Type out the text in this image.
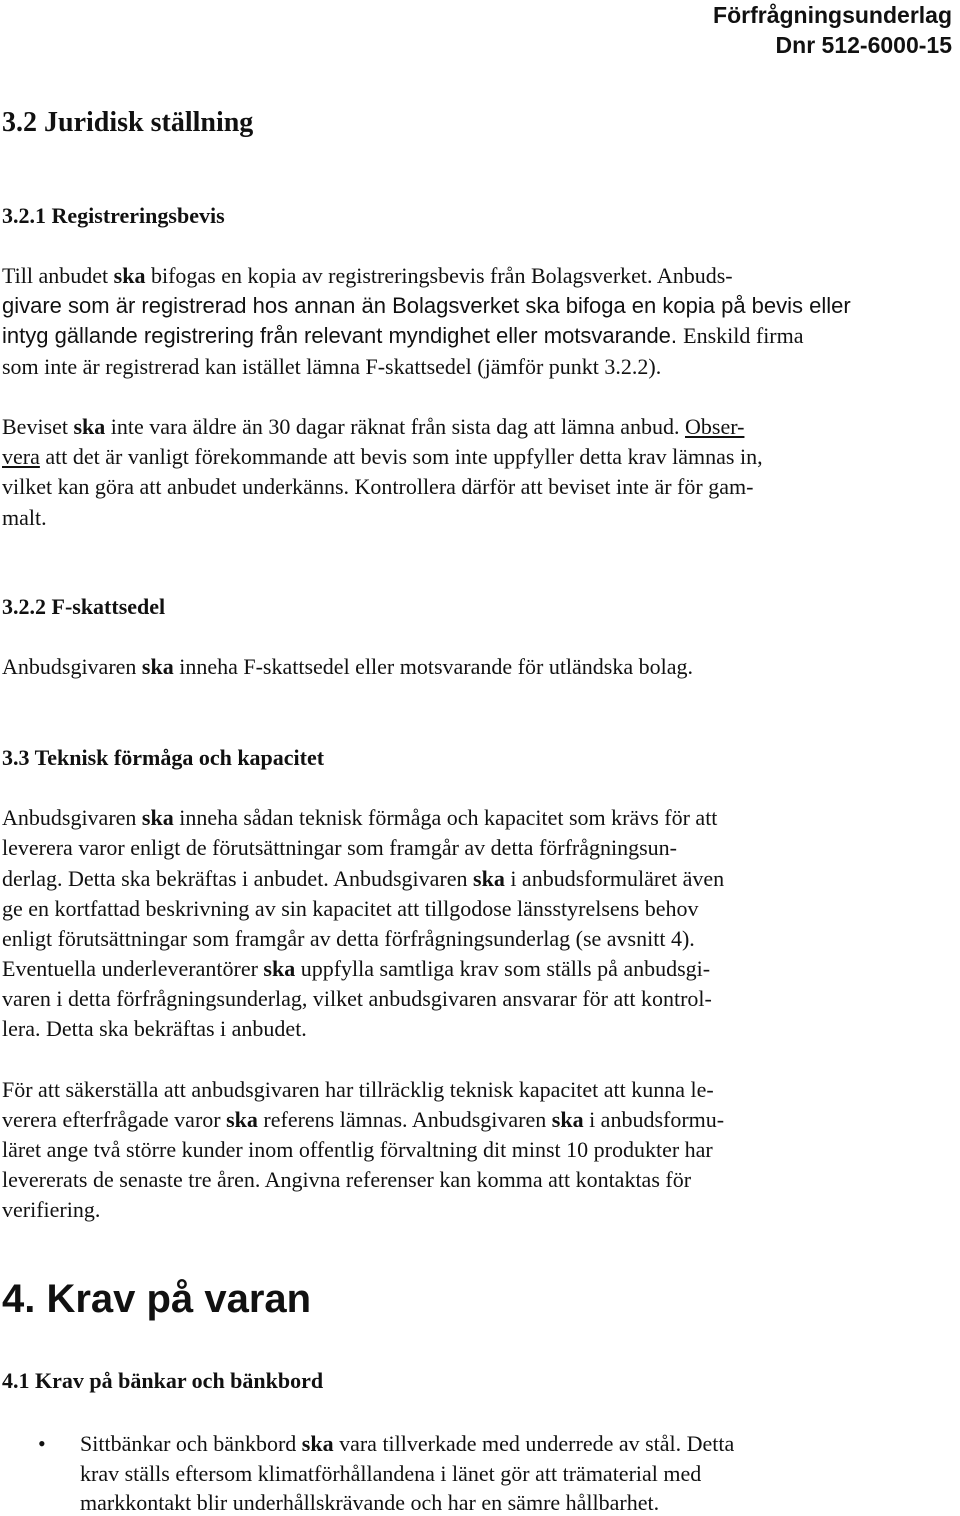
Förfrågningsunderlag
Dnr 512-6000-15
3.2 Juridisk ställning
3.2.1 Registreringsbevis
Till anbudet ska bifogas en kopia av registreringsbevis från Bolagsverket. Anbuds-
givare som är registrerad hos annan än Bolagsverket ska bifoga en kopia på bevis eller
intyg gällande registrering från relevant myndighet eller motsvarande. Enskild firma
som inte är registrerad kan istället lämna F-skattsedel (jämför punkt 3.2.2).
Beviset ska inte vara äldre än 30 dagar räknat från sista dag att lämna anbud. Obser-
vera att det är vanligt förekommande att bevis som inte uppfyller detta krav lämnas in,
vilket kan göra att anbudet underkänns. Kontrollera därför att beviset inte är för gam-
malt.
3.2.2 F-skattsedel
Anbudsgivaren ska inneha F-skattsedel eller motsvarande för utländska bolag.
3.3 Teknisk förmåga och kapacitet
Anbudsgivaren ska inneha sådan teknisk förmåga och kapacitet som krävs för att
leverera varor enligt de förutsättningar som framgår av detta förfrågningsun-
derlag. Detta ska bekräftas i anbudet. Anbudsgivaren ska i anbudsformuläret även
ge en kortfattad beskrivning av sin kapacitet att tillgodose länsstyrelsens behov
enligt förutsättningar som framgår av detta förfrågningsunderlag (se avsnitt 4).
Eventuella underleverantörer ska uppfylla samtliga krav som ställs på anbudsgi-
varen i detta förfrågningsunderlag, vilket anbudsgivaren ansvarar för att kontrol-
lera. Detta ska bekräftas i anbudet.
För att säkerställa att anbudsgivaren har tillräcklig teknisk kapacitet att kunna le-
verera efterfrågade varor ska referens lämnas. Anbudsgivaren ska i anbudsformu-
läret ange två större kunder inom offentlig förvaltning dit minst 10 produkter har
levererats de senaste tre åren. Angivna referenser kan komma att kontaktas för
verifiering.
4. Krav på varan
4.1 Krav på bänkar och bänkbord
• Sittbänkar och bänkbord ska vara tillverkade med underrede av stål. Detta
krav ställs eftersom klimatförhållandena i länet gör att trämaterial med
markkontakt blir underhållskrävande och har en sämre hållbarhet.
